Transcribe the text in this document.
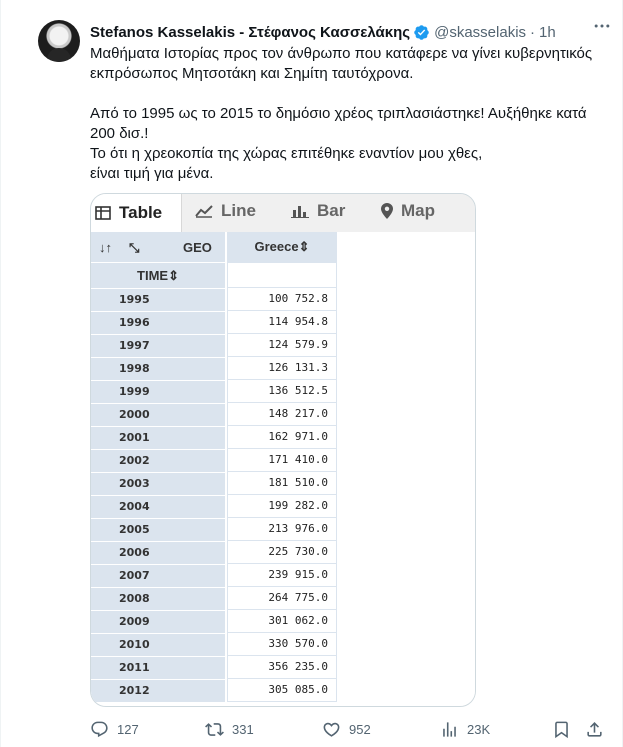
Stefanos Kasselakis - Στέφανος Κασσελάκης @skasselakis · 1h

Μαθήματα Ιστορίας προς τον άνθρωπο που κατάφερε να γίνει κυβερνητικός εκπρόσωπος Μητσοτάκη και Σημίτη ταυτόχρονα.

Από το 1995 ως το 2015 το δημόσιο χρέος τριπλασιάστηκε! Αυξήθηκε κατά 200 δισ.!
Το ότι η χρεοκοπία της χώρας επιτέθηκε εναντίον μου χθες,
είναι τιμή για μένα.

Table	Line	Bar	Map
↓↑ ⤡	GEO	Greece⇕
TIME⇕
1995	100 752.8
1996	114 954.8
1997	124 579.9
1998	126 131.3
1999	136 512.5
2000	148 217.0
2001	162 971.0
2002	171 410.0
2003	181 510.0
2004	199 282.0
2005	213 976.0
2006	225 730.0
2007	239 915.0
2008	264 775.0
2009	301 062.0
2010	330 570.0
2011	356 235.0
2012	305 085.0
127	331	952	23K
